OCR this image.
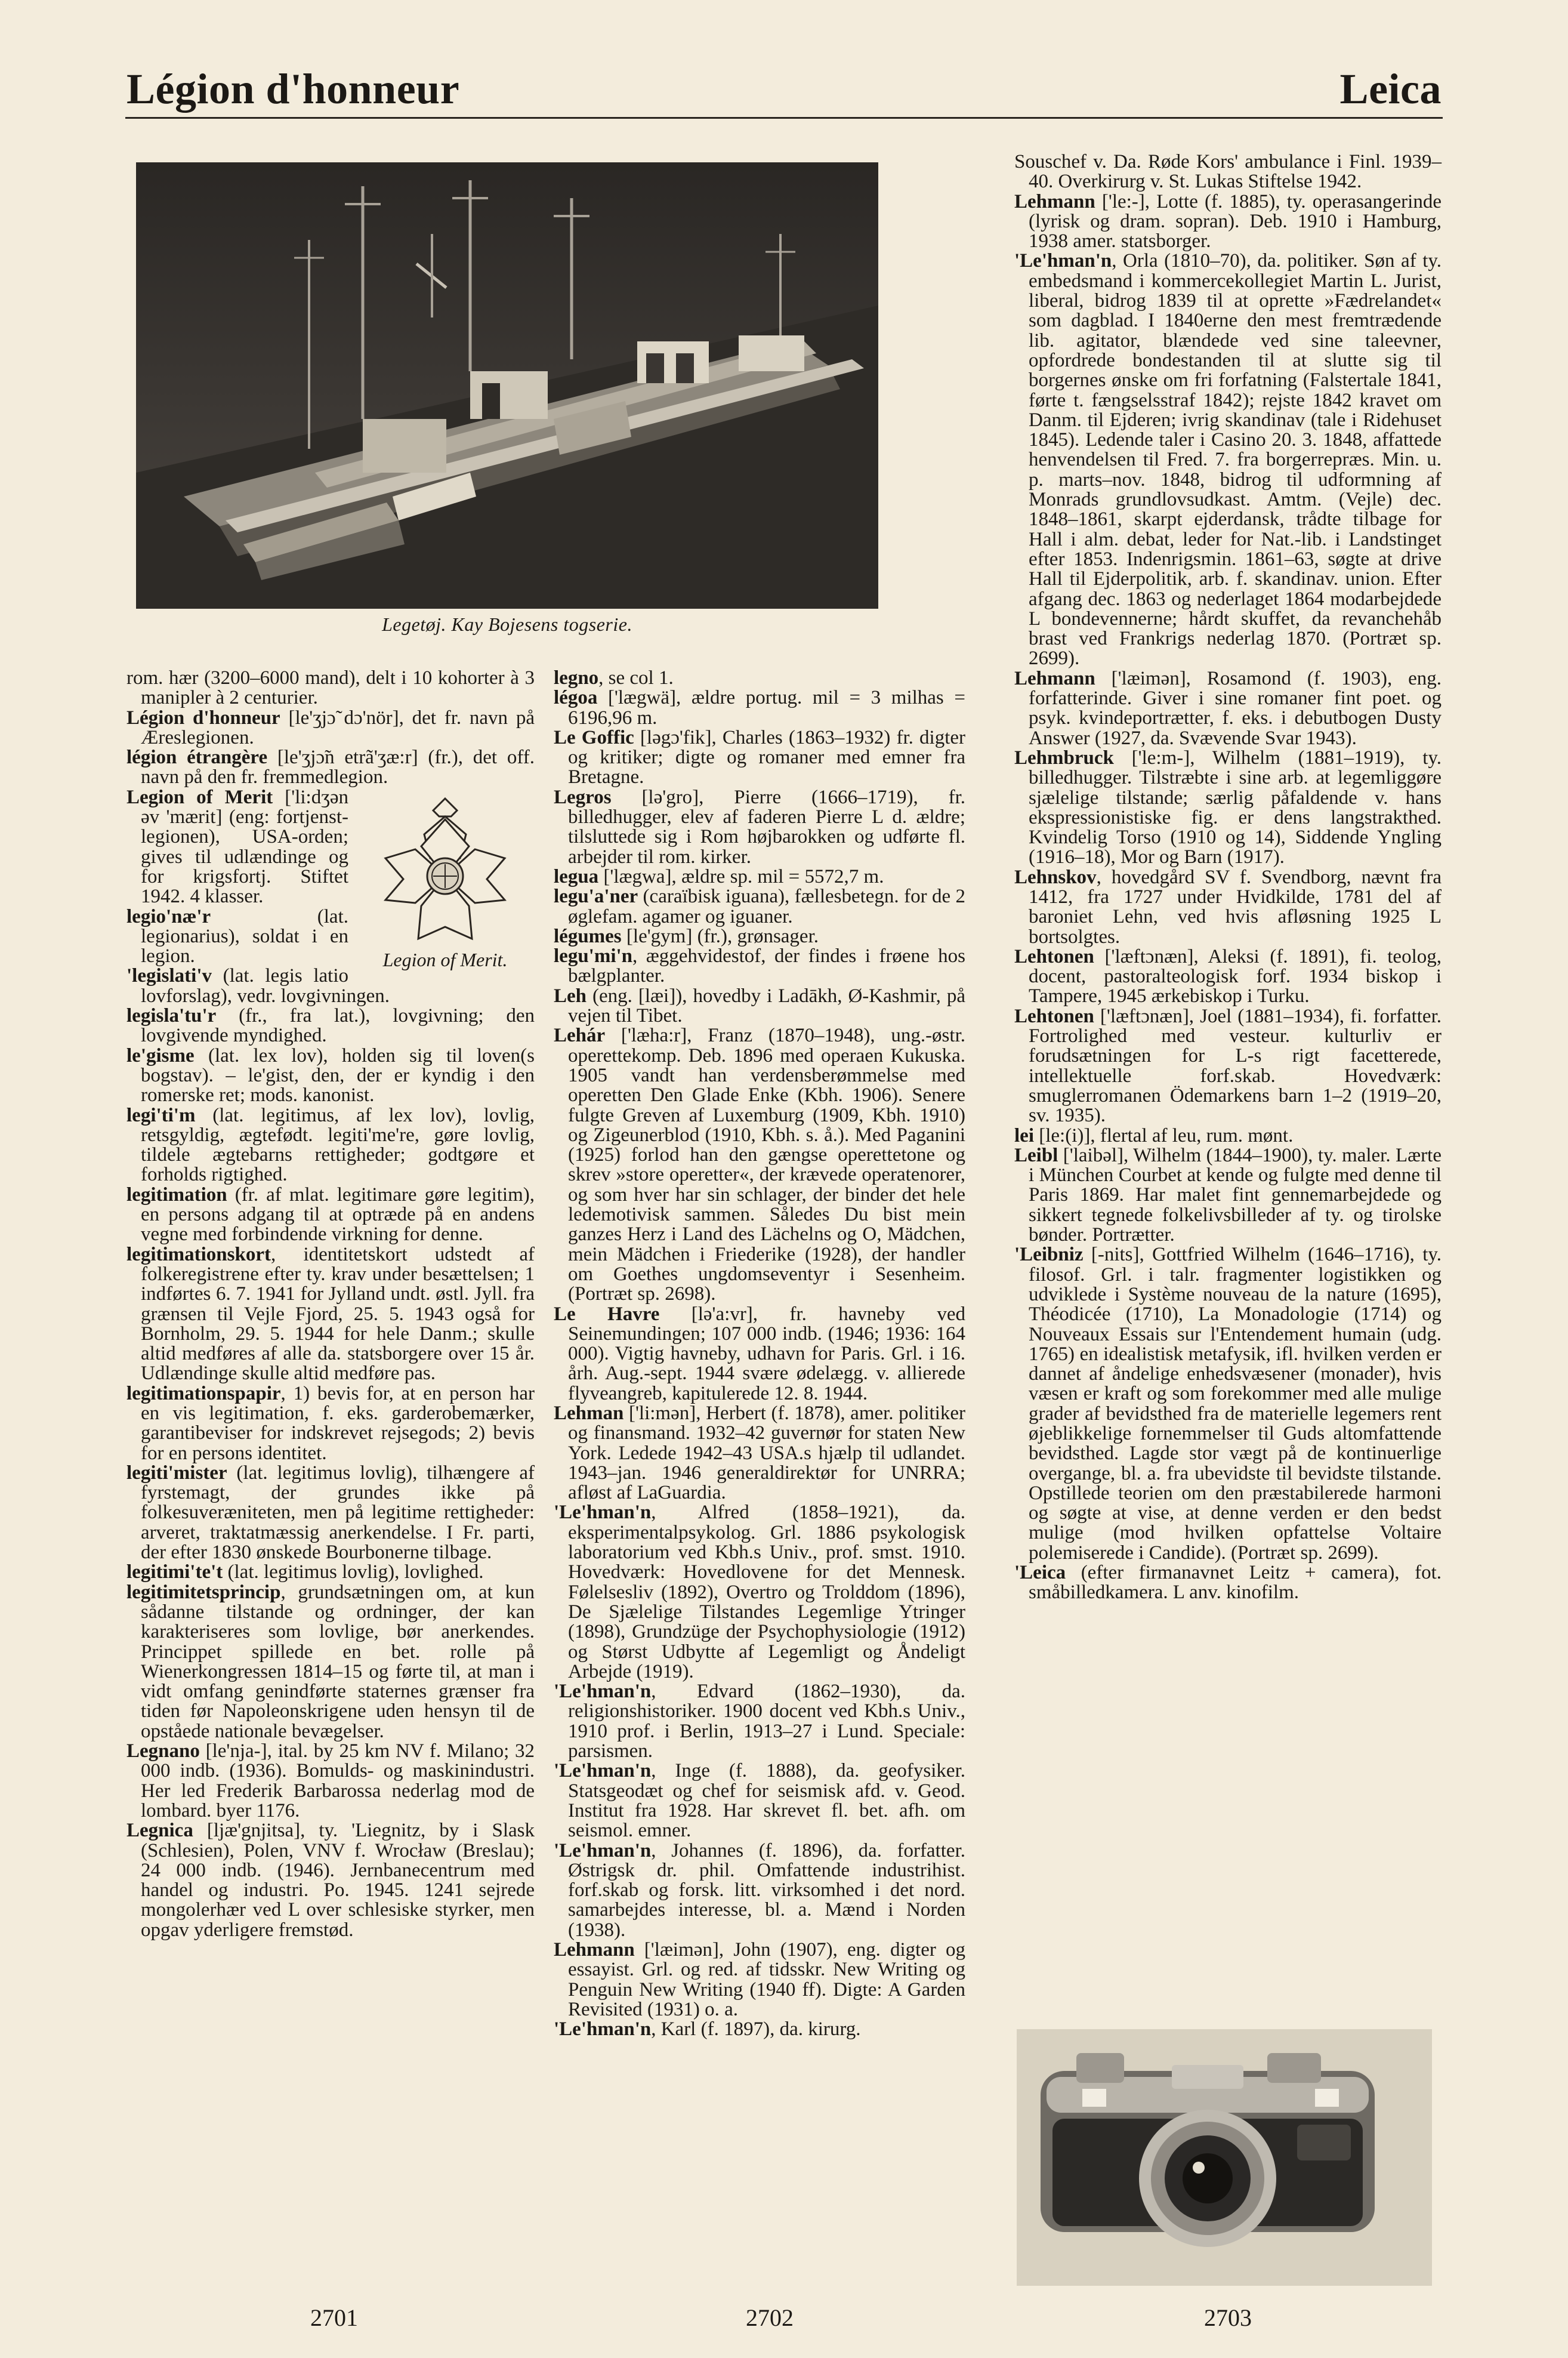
Légion d'honneur	Leica
Legetøj. Kay Bojesens togserie.
rom. hær (3200–6000 mand), delt i 10 kohorter à 3 manipler à 2 centurier.
Légion d'honneur [le'ʒjɔ̃ dɔ'nör], det fr. navn på Æreslegionen.
légion étrangère [le'ʒjɔ̃n etrã'ʒæ:r] (fr.), det off. navn på den fr. fremmedlegion.
Legion of Merit.
Legion of Merit ['li:dʒən əv 'mærit] (eng: fortjenst-legionen), USA-orden; gives til udlændinge og for krigsfortj. Stiftet 1942. 4 klasser.
legio'næ'r (lat. legionarius), soldat i en legion.
'legislati'v (lat. legis latio lovforslag), vedr. lovgivningen.
legisla'tu'r (fr., fra lat.), lovgivning; den lovgivende myndighed.
le'gisme (lat. lex lov), holden sig til loven(s bogstav). – le'gist, den, der er kyndig i den romerske ret; mods. kanonist.
legi'ti'm (lat. legitimus, af lex lov), lovlig, retsgyldig, ægtefødt. legiti'me're, gøre lovlig, tildele ægtebarns rettigheder; godtgøre et forholds rigtighed.
legitimation (fr. af mlat. legitimare gøre legitim), en persons adgang til at optræde på en andens vegne med forbindende virkning for denne.
legitimationskort, identitetskort udstedt af folkeregistrene efter ty. krav under besættelsen; 1 indførtes 6. 7. 1941 for Jylland undt. østl. Jyll. fra grænsen til Vejle Fjord, 25. 5. 1943 også for Bornholm, 29. 5. 1944 for hele Danm.; skulle altid medføres af alle da. statsborgere over 15 år. Udlændinge skulle altid medføre pas.
legitimationspapir, 1) bevis for, at en person har en vis legitimation, f. eks. garderobemærker, garantibeviser for indskrevet rejsegods; 2) bevis for en persons identitet.
legiti'mister (lat. legitimus lovlig), tilhængere af fyrstemagt, der grundes ikke på folkesuveræniteten, men på legitime rettigheder: arveret, traktatmæssig anerkendelse. I Fr. parti, der efter 1830 ønskede Bourbonerne tilbage.
legitimi'te't (lat. legitimus lovlig), lovlighed.
legitimitetsprincip, grundsætningen om, at kun sådanne tilstande og ordninger, der kan karakteriseres som lovlige, bør anerkendes. Princippet spillede en bet. rolle på Wienerkongressen 1814–15 og førte til, at man i vidt omfang genindførte staternes grænser fra tiden før Napoleonskrigene uden hensyn til de opståede nationale bevægelser.
Legnano [le'nja-], ital. by 25 km NV f. Milano; 32 000 indb. (1936). Bomulds- og maskinindustri. Her led Frederik Barbarossa nederlag mod de lombard. byer 1176.
Legnica [ljæ'gnjitsa], ty. 'Liegnitz, by i Slask (Schlesien), Polen, VNV f. Wrocław (Breslau); 24 000 indb. (1946). Jernbanecentrum med handel og industri. Po. 1945. 1241 sejrede mongolerhær ved L over schlesiske styrker, men opgav yderligere fremstød.
legno, se col 1.
légoa ['lægwä], ældre portug. mil = 3 milhas = 6196,96 m.
Le Goffic [ləgɔ'fik], Charles (1863–1932) fr. digter og kritiker; digte og romaner med emner fra Bretagne.
Legros [lə'gro], Pierre (1666–1719), fr. billedhugger, elev af faderen Pierre L d. ældre; tilsluttede sig i Rom højbarokken og udførte fl. arbejder til rom. kirker.
legua ['lægwa], ældre sp. mil = 5572,7 m.
legu'a'ner (caraïbisk iguana), fællesbetegn. for de 2 øglefam. agamer og iguaner.
légumes [le'gym] (fr.), grønsager.
legu'mi'n, æggehvidestof, der findes i frøene hos bælgplanter.
Leh (eng. [læi]), hovedby i Ladākh, Ø-Kashmir, på vejen til Tibet.
Lehár ['læha:r], Franz (1870–1948), ung.-østr. operettekomp. Deb. 1896 med operaen Kukuska. 1905 vandt han verdensberømmelse med operetten Den Glade Enke (Kbh. 1906). Senere fulgte Greven af Luxemburg (1909, Kbh. 1910) og Zigeunerblod (1910, Kbh. s. å.). Med Paganini (1925) forlod han den gængse operettetone og skrev »store operetter«, der krævede operatenorer, og som hver har sin schlager, der binder det hele ledemotivisk sammen. Således Du bist mein ganzes Herz i Land des Lächelns og O, Mädchen, mein Mädchen i Friederike (1928), der handler om Goethes ungdomseventyr i Sesenheim. (Portræt sp. 2698).
Le Havre [lə'a:vr], fr. havneby ved Seinemundingen; 107 000 indb. (1946; 1936: 164 000). Vigtig havneby, udhavn for Paris. Grl. i 16. årh. Aug.-sept. 1944 svære ødelægg. v. allierede flyveangreb, kapitulerede 12. 8. 1944.
Lehman ['li:mən], Herbert (f. 1878), amer. politiker og finansmand. 1932–42 guvernør for staten New York. Ledede 1942–43 USA.s hjælp til udlandet. 1943–jan. 1946 generaldirektør for UNRRA; afløst af LaGuardia.
'Le'hman'n, Alfred (1858–1921), da. eksperimentalpsykolog. Grl. 1886 psykologisk laboratorium ved Kbh.s Univ., prof. smst. 1910. Hovedværk: Hovedlovene for det Mennesk. Følelsesliv (1892), Overtro og Trolddom (1896), De Sjælelige Tilstandes Legemlige Ytringer (1898), Grundzüge der Psychophysiologie (1912) og Størst Udbytte af Legemligt og Åndeligt Arbejde (1919).
'Le'hman'n, Edvard (1862–1930), da. religionshistoriker. 1900 docent ved Kbh.s Univ., 1910 prof. i Berlin, 1913–27 i Lund. Speciale: parsismen.
'Le'hman'n, Inge (f. 1888), da. geofysiker. Statsgeodæt og chef for seismisk afd. v. Geod. Institut fra 1928. Har skrevet fl. bet. afh. om seismol. emner.
'Le'hman'n, Johannes (f. 1896), da. forfatter. Østrigsk dr. phil. Omfattende industrihist. forf.skab og forsk. litt. virksomhed i det nord. samarbejdes interesse, bl. a. Mænd i Norden (1938).
Lehmann ['læimən], John (1907), eng. digter og essayist. Grl. og red. af tidsskr. New Writing og Penguin New Writing (1940 ff). Digte: A Garden Revisited (1931) o. a.
'Le'hman'n, Karl (f. 1897), da. kirurg.
Souschef v. Da. Røde Kors' ambulance i Finl. 1939–40. Overkirurg v. St. Lukas Stiftelse 1942.
Lehmann ['le:-], Lotte (f. 1885), ty. operasangerinde (lyrisk og dram. sopran). Deb. 1910 i Hamburg, 1938 amer. statsborger.
'Le'hman'n, Orla (1810–70), da. politiker. Søn af ty. embedsmand i kommercekollegiet Martin L. Jurist, liberal, bidrog 1839 til at oprette »Fædrelandet« som dagblad. I 1840erne den mest fremtrædende lib. agitator, blændede ved sine taleevner, opfordrede bondestanden til at slutte sig til borgernes ønske om fri forfatning (Falstertale 1841, førte t. fængselsstraf 1842); rejste 1842 kravet om Danm. til Ejderen; ivrig skandinav (tale i Ridehuset 1845). Ledende taler i Casino 20. 3. 1848, affattede henvendelsen til Fred. 7. fra borgerrepræs. Min. u. p. marts–nov. 1848, bidrog til udformning af Monrads grundlovsudkast. Amtm. (Vejle) dec. 1848–1861, skarpt ejderdansk, trådte tilbage for Hall i alm. debat, leder for Nat.-lib. i Landstinget efter 1853. Indenrigsmin. 1861–63, søgte at drive Hall til Ejderpolitik, arb. f. skandinav. union. Efter afgang dec. 1863 og nederlaget 1864 modarbejdede L bondevennerne; hårdt skuffet, da revanchehåb brast ved Frankrigs nederlag 1870. (Portræt sp. 2699).
Lehmann ['læimən], Rosamond (f. 1903), eng. forfatterinde. Giver i sine romaner fint poet. og psyk. kvindeportrætter, f. eks. i debutbogen Dusty Answer (1927, da. Svævende Svar 1943).
Lehmbruck ['le:m-], Wilhelm (1881–1919), ty. billedhugger. Tilstræbte i sine arb. at legemliggøre sjælelige tilstande; særlig påfaldende v. hans ekspressionistiske fig. er dens langstrakthed. Kvindelig Torso (1910 og 14), Siddende Yngling (1916–18), Mor og Barn (1917).
Lehnskov, hovedgård SV f. Svendborg, nævnt fra 1412, fra 1727 under Hvidkilde, 1781 del af baroniet Lehn, ved hvis afløsning 1925 L bortsolgtes.
Lehtonen ['læftɔnæn], Aleksi (f. 1891), fi. teolog, docent, pastoralteologisk forf. 1934 biskop i Tampere, 1945 ærkebiskop i Turku.
Lehtonen ['læftɔnæn], Joel (1881–1934), fi. forfatter. Fortrolighed med vesteur. kulturliv er forudsætningen for L-s rigt facetterede, intellektuelle forf.skab. Hovedværk: smuglerromanen Ödemarkens barn 1–2 (1919–20, sv. 1935).
lei [le:(i)], flertal af leu, rum. mønt.
Leibl ['laibəl], Wilhelm (1844–1900), ty. maler. Lærte i München Courbet at kende og fulgte med denne til Paris 1869. Har malet fint gennemarbejdede og sikkert tegnede folkelivsbilleder af ty. og tirolske bønder. Portrætter.
'Leibniz [-nits], Gottfried Wilhelm (1646–1716), ty. filosof. Grl. i talr. fragmenter logistikken og udviklede i Système nouveau de la nature (1695), Théodicée (1710), La Monadologie (1714) og Nouveaux Essais sur l'Entendement humain (udg. 1765) en idealistisk metafysik, ifl. hvilken verden er dannet af åndelige enhedsvæsener (monader), hvis væsen er kraft og som forekommer med alle mulige grader af bevidsthed fra de materielle legemers rent øjeblikkelige fornemmelser til Guds altomfattende bevidsthed. Lagde stor vægt på de kontinuerlige overgange, bl. a. fra ubevidste til bevidste tilstande. Opstillede teorien om den præstabilerede harmoni og søgte at vise, at denne verden er den bedst mulige (mod hvilken opfattelse Voltaire polemiserede i Candide). (Portræt sp. 2699).
'Leica (efter firmanavnet Leitz + camera), fot. småbilledkamera. L anv. kinofilm.
2701	2702	2703
